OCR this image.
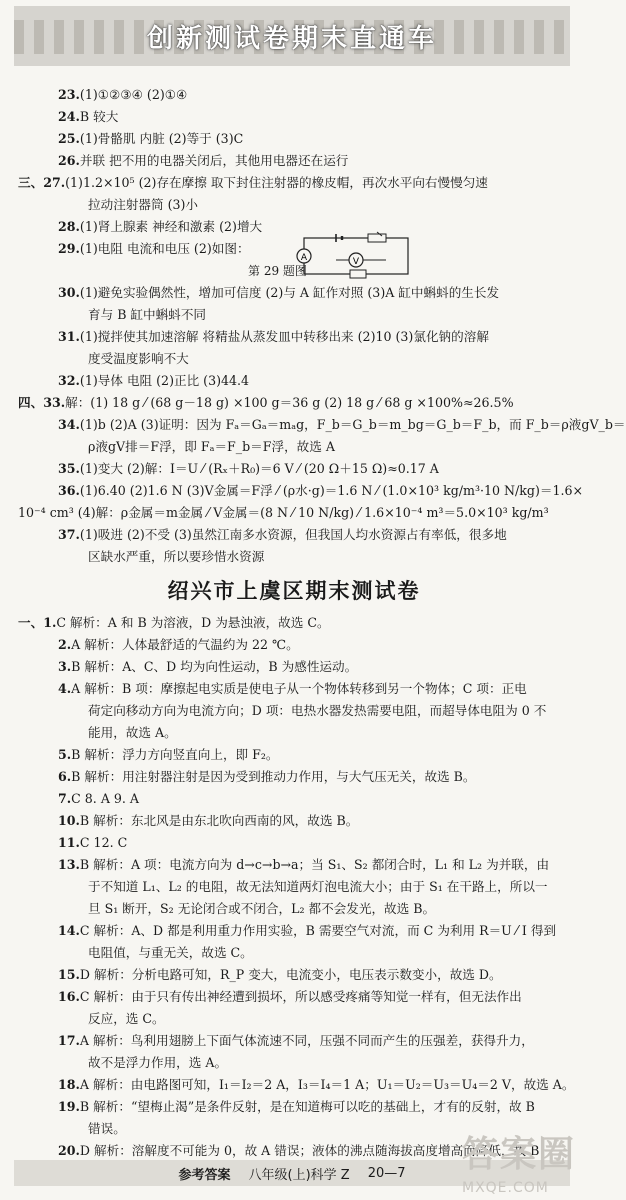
创新测试卷期末直通车
23.(1)①②③④ (2)①④
24.B 较大
25.(1)骨骼肌 内脏 (2)等于 (3)C
26.并联 把不用的电器关闭后，其他用电器还在运行
三、27.(1)1.2×10⁵ (2)存在摩擦 取下封住注射器的橡皮帽，再次水平向右慢慢匀速
拉动注射器筒 (3)小
28.(1)肾上腺素 神经和激素 (2)增大
29.(1)电阻 电流和电压 (2)如图：
第 29 题图
30.(1)避免实验偶然性，增加可信度 (2)与 A 缸作对照 (3)A 缸中蝌蚪的生长发
育与 B 缸中蝌蚪不同
31.(1)搅拌使其加速溶解 将精盐从蒸发皿中转移出来 (2)10 (3)氯化钠的溶解
度受温度影响不大
32.(1)导体 电阻 (2)正比 (3)44.4
四、33.解：(1) 18 g ⁄ (68 g－18 g) ×100 g＝36 g (2) 18 g ⁄ 68 g ×100%≈26.5%
34.(1)b (2)A (3)证明：因为 Fₐ＝Gₐ＝mₐg，F_b＝G_b＝m_bg＝G_b＝F_b，而 F_b＝ρ液gV_b＝
ρ液gV排＝F浮，即 Fₐ＝F_b＝F浮，故选 A
35.(1)变大 (2)解：I＝U ⁄ (Rₓ＋R₀)＝6 V ⁄ (20 Ω＋15 Ω)≈0.17 A
36.(1)6.40 (2)1.6 N (3)V金属＝F浮 ⁄ (ρ水·g)＝1.6 N ⁄ (1.0×10³ kg/m³·10 N/kg)＝1.6×
10⁻⁴ cm³ (4)解：ρ金属＝m金属 ⁄ V金属＝(8 N ⁄ 10 N/kg) ⁄ 1.6×10⁻⁴ m³＝5.0×10³ kg/m³
37.(1)吸进 (2)不受 (3)虽然江南多水资源，但我国人均水资源占有率低，很多地
区缺水严重，所以要珍惜水资源
绍兴市上虞区期末测试卷
一、1.C 解析：A 和 B 为溶液，D 为悬浊液，故选 C。
2.A 解析：人体最舒适的气温约为 22 ℃。
3.B 解析：A、C、D 均为向性运动，B 为感性运动。
4.A 解析：B 项：摩擦起电实质是使电子从一个物体转移到另一个物体；C 项：正电
荷定向移动方向为电流方向；D 项：电热水器发热需要电阻，而超导体电阻为 0 不
能用，故选 A。
5.B 解析：浮力方向竖直向上，即 F₂。
6.B 解析：用注射器注射是因为受到推动力作用，与大气压无关，故选 B。
7.C 8. A 9. A
10.B 解析：东北风是由东北吹向西南的风，故选 B。
11.C 12. C
13.B 解析：A 项：电流方向为 d→c→b→a；当 S₁、S₂ 都闭合时，L₁ 和 L₂ 为并联，由
于不知道 L₁、L₂ 的电阻，故无法知道两灯泡电流大小；由于 S₁ 在干路上，所以一
旦 S₁ 断开，S₂ 无论闭合或不闭合，L₂ 都不会发光，故选 B。
14.C 解析：A、D 都是利用重力作用实验，B 需要空气对流，而 C 为利用 R＝U ⁄ I 得到
电阻值，与重无关，故选 C。
15.D 解析：分析电路可知，R_P 变大，电流变小，电压表示数变小，故选 D。
16.C 解析：由于只有传出神经遭到损坏，所以感受疼痛等知觉一样有，但无法作出
反应，选 C。
17.A 解析：鸟利用翅膀上下面气体流速不同，压强不同而产生的压强差，获得升力，
故不是浮力作用，选 A。
18.A 解析：由电路图可知，I₁＝I₂＝2 A，I₃＝I₄＝1 A；U₁＝U₂＝U₃＝U₄＝2 V，故选 A。
19.B 解析：“望梅止渴”是条件反射，是在知道梅可以吃的基础上，才有的反射，故 B
错误。
20.D 解析：溶解度不可能为 0，故 A 错误；液体的沸点随海拔高度增高而降低，故 B
A	V
参考答案 八年级(上)科学 Z 20—7 答案圈
MXQE.COM
